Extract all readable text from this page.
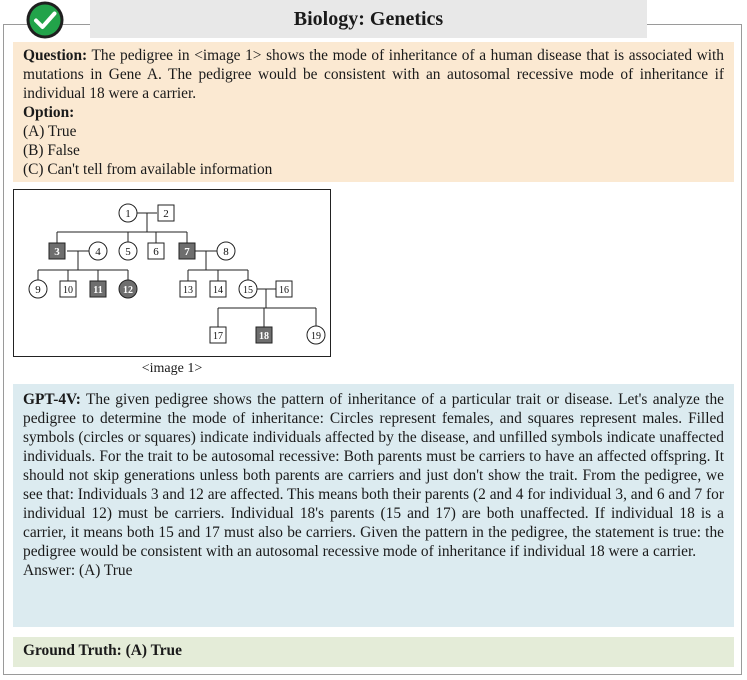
Biology: Genetics

Question: The pedigree in <image 1> shows the mode of inheritance of a human disease that is associated with mutations in Gene A. The pedigree would be consistent with an autosomal recessive mode of inheritance if individual 18 were a carrier.

Option:

(A) True

(B) False

(C) Can't tell from available information

1	2
3	4 5 6 7	8
9 10 11 12	13 14 15	16
17	18	19
<image 1>

GPT-4V: The given pedigree shows the pattern of inheritance of a particular trait or disease. Let's analyze the pedigree to determine the mode of inheritance: Circles represent females, and squares represent males. Filled symbols (circles or squares) indicate individuals affected by the disease, and unfilled symbols indicate unaffected individuals. For the trait to be autosomal recessive: Both parents must be carriers to have an affected offspring. It should not skip generations unless both parents are carriers and just don't show the trait. From the pedigree, we see that: Individuals 3 and 12 are affected. This means both their parents (2 and 4 for individual 3, and 6 and 7 for individual 12) must be carriers. Individual 18's parents (15 and 17) are both unaffected. If individual 18 is a carrier, it means both 15 and 17 must also be carriers. Given the pattern in the pedigree, the statement is true: the pedigree would be consistent with an autosomal recessive mode of inheritance if individual 18 were a carrier.

Answer: (A) True

Ground Truth: (A) True
